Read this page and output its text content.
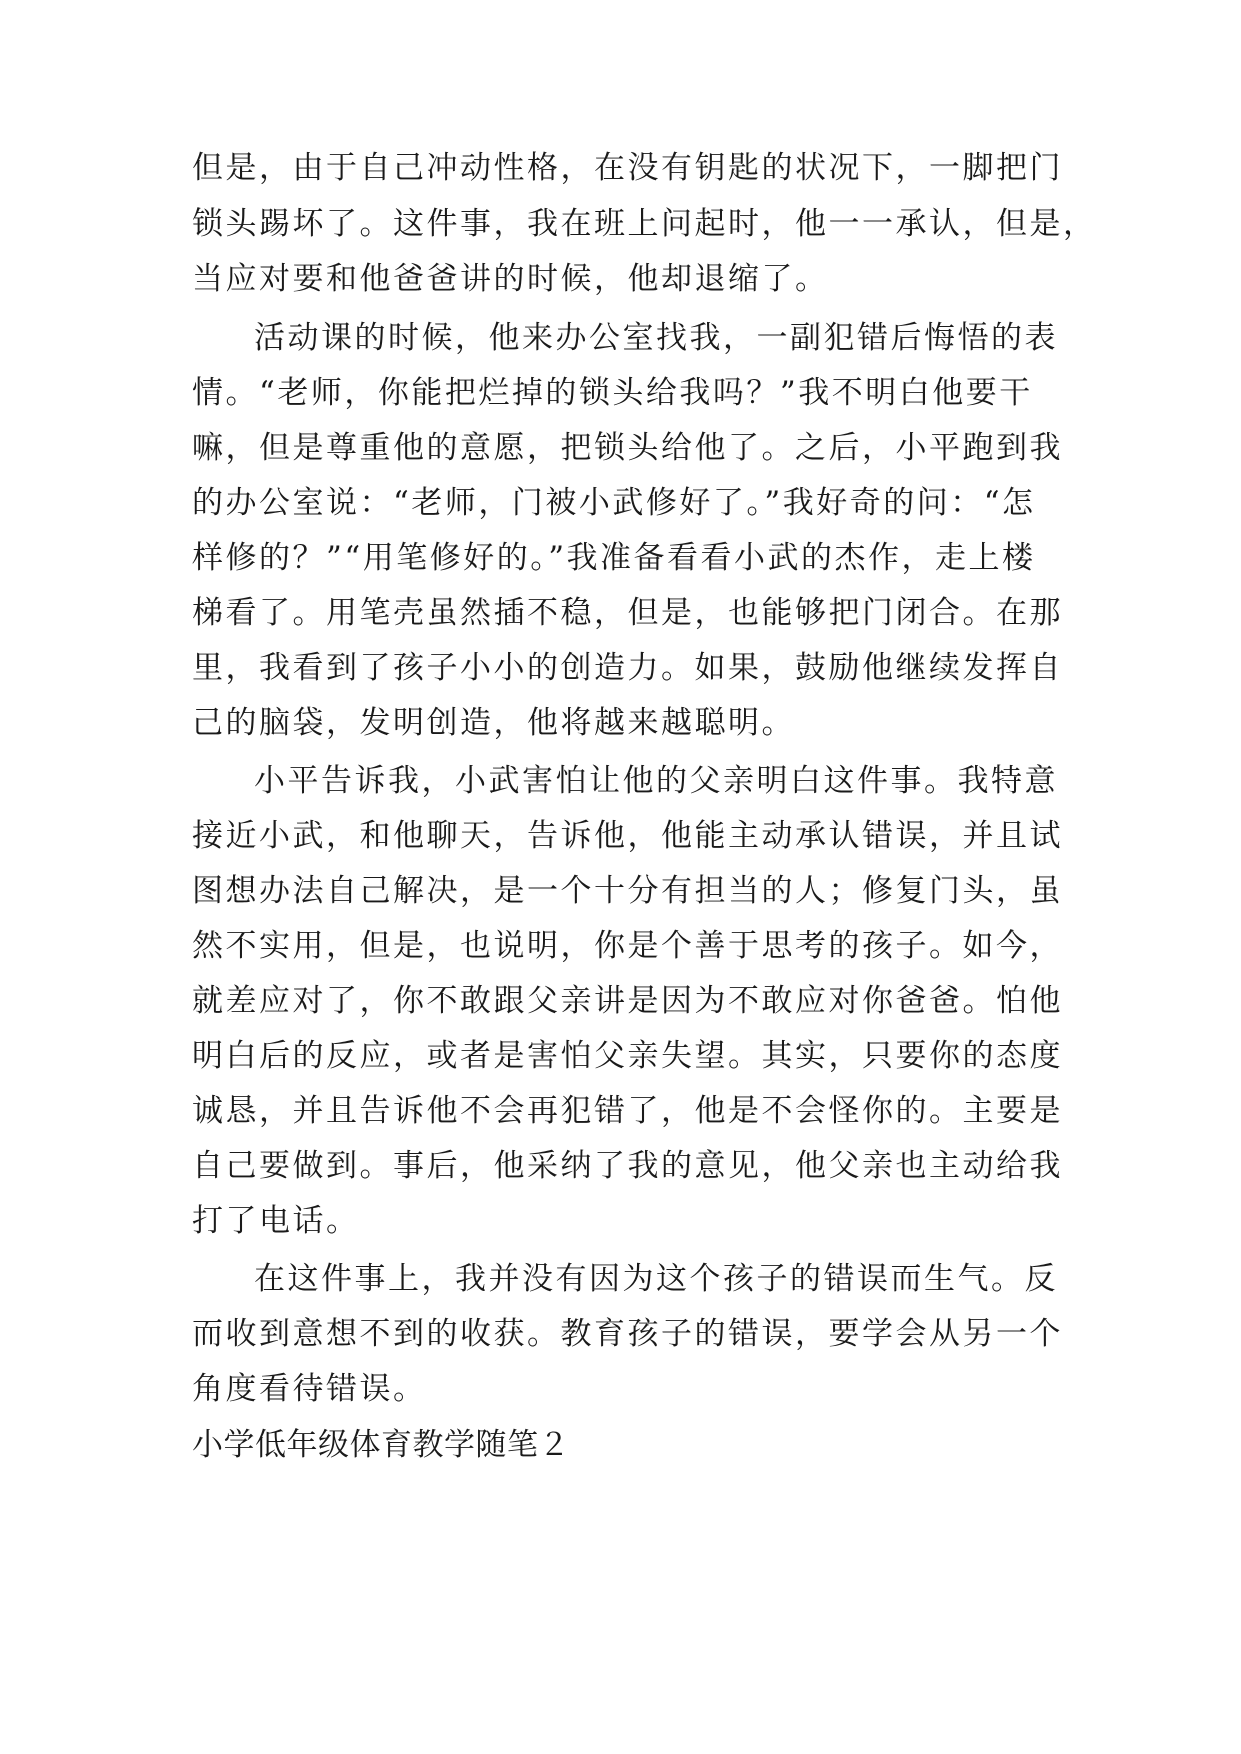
但是，由于自己冲动性格，在没有钥匙的状况下，一脚把门

锁头踢坏了。这件事，我在班上问起时，他一一承认，但是，

当应对要和他爸爸讲的时候，他却退缩了。

活动课的时候，他来办公室找我，一副犯错后悔悟的表

情。“老师，你能把烂掉的锁头给我吗？”我不明白他要干

嘛，但是尊重他的意愿，把锁头给他了。之后，小平跑到我

的办公室说：“老师，门被小武修好了。”我好奇的问：“怎

样修的？”“用笔修好的。”我准备看看小武的杰作，走上楼

梯看了。用笔壳虽然插不稳，但是，也能够把门闭合。在那

里，我看到了孩子小小的创造力。如果，鼓励他继续发挥自

己的脑袋，发明创造，他将越来越聪明。

小平告诉我，小武害怕让他的父亲明白这件事。我特意

接近小武，和他聊天，告诉他，他能主动承认错误，并且试

图想办法自己解决，是一个十分有担当的人；修复门头，虽

然不实用，但是，也说明，你是个善于思考的孩子。如今，

就差应对了，你不敢跟父亲讲是因为不敢应对你爸爸。怕他

明白后的反应，或者是害怕父亲失望。其实，只要你的态度

诚恳，并且告诉他不会再犯错了，他是不会怪你的。主要是

自己要做到。事后，他采纳了我的意见，他父亲也主动给我

打了电话。

在这件事上，我并没有因为这个孩子的错误而生气。反

而收到意想不到的收获。教育孩子的错误，要学会从另一个

角度看待错误。

小学低年级体育教学随笔２
